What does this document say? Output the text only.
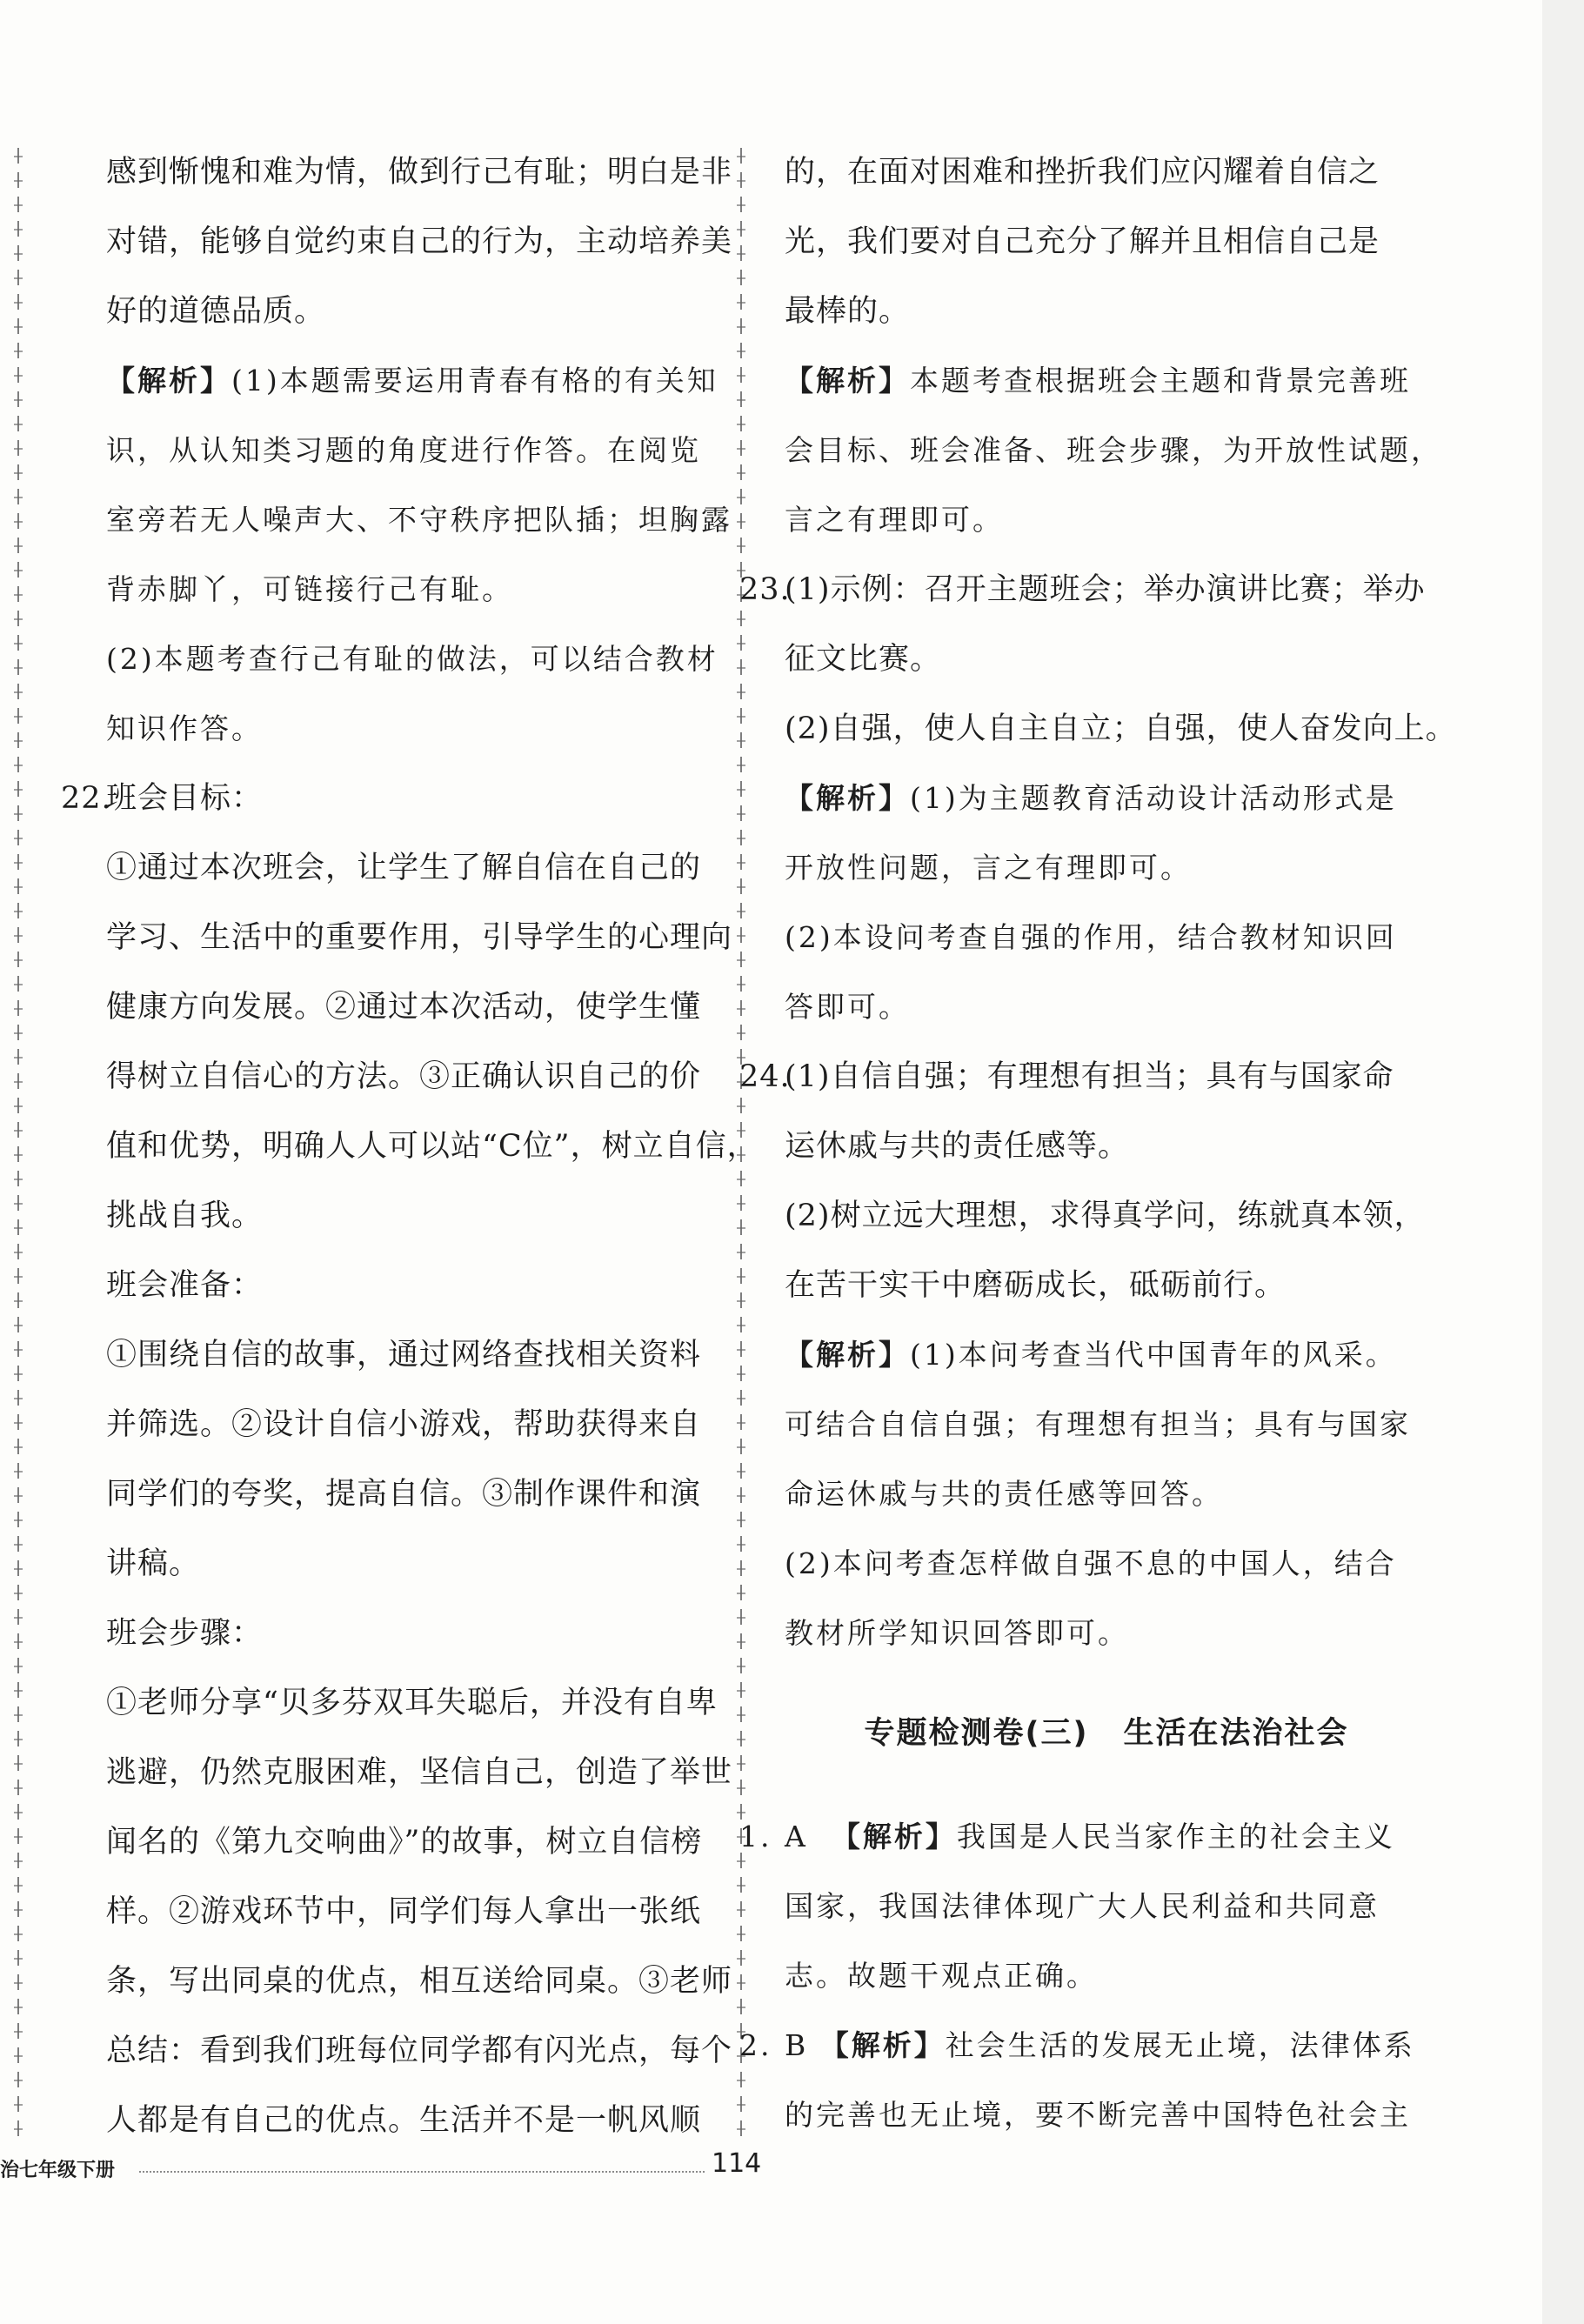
感到惭愧和难为情，做到行己有耻；明白是非
对错，能够自觉约束自己的行为，主动培养美
好的道德品质。
【解析】(1)本题需要运用青春有格的有关知
识，从认知类习题的角度进行作答。在阅览
室旁若无人噪声大、不守秩序把队插；坦胸露
背赤脚丫，可链接行己有耻。
(2)本题考查行己有耻的做法，可以结合教材
知识作答。
22.
班会目标：
①通过本次班会，让学生了解自信在自己的
学习、生活中的重要作用，引导学生的心理向
健康方向发展。②通过本次活动，使学生懂
得树立自信心的方法。③正确认识自己的价
值和优势，明确人人可以站“C位”，树立自信，
挑战自我。
班会准备：
①围绕自信的故事，通过网络查找相关资料
并筛选。②设计自信小游戏，帮助获得来自
同学们的夸奖，提高自信。③制作课件和演
讲稿。
班会步骤：
①老师分享“贝多芬双耳失聪后，并没有自卑
逃避，仍然克服困难，坚信自己，创造了举世
闻名的《第九交响曲》”的故事，树立自信榜
样。②游戏环节中，同学们每人拿出一张纸
条，写出同桌的优点，相互送给同桌。③老师
总结：看到我们班每位同学都有闪光点，每个
人都是有自己的优点。生活并不是一帆风顺
的，在面对困难和挫折我们应闪耀着自信之
光，我们要对自己充分了解并且相信自己是
最棒的。
【解析】本题考查根据班会主题和背景完善班
会目标、班会准备、班会步骤，为开放性试题，
言之有理即可。
23.
(1)示例：召开主题班会；举办演讲比赛；举办
征文比赛。
(2)自强，使人自主自立；自强，使人奋发向上。
【解析】(1)为主题教育活动设计活动形式是
开放性问题，言之有理即可。
(2)本设问考查自强的作用，结合教材知识回
答即可。
24.
(1)自信自强；有理想有担当；具有与国家命
运休戚与共的责任感等。
(2)树立远大理想，求得真学问，练就真本领，
在苦干实干中磨砺成长，砥砺前行。
【解析】(1)本问考查当代中国青年的风采。
可结合自信自强；有理想有担当；具有与国家
命运休戚与共的责任感等回答。
(2)本问考查怎样做自强不息的中国人，结合
教材所学知识回答即可。
专题检测卷(三) 生活在法治社会
1. A  【解析】我国是人民当家作主的社会主义
国家，我国法律体现广大人民利益和共同意
志。故题干观点正确。
2. B 【解析】社会生活的发展无止境，法律体系
的完善也无止境，要不断完善中国特色社会主
治七年级下册	114
